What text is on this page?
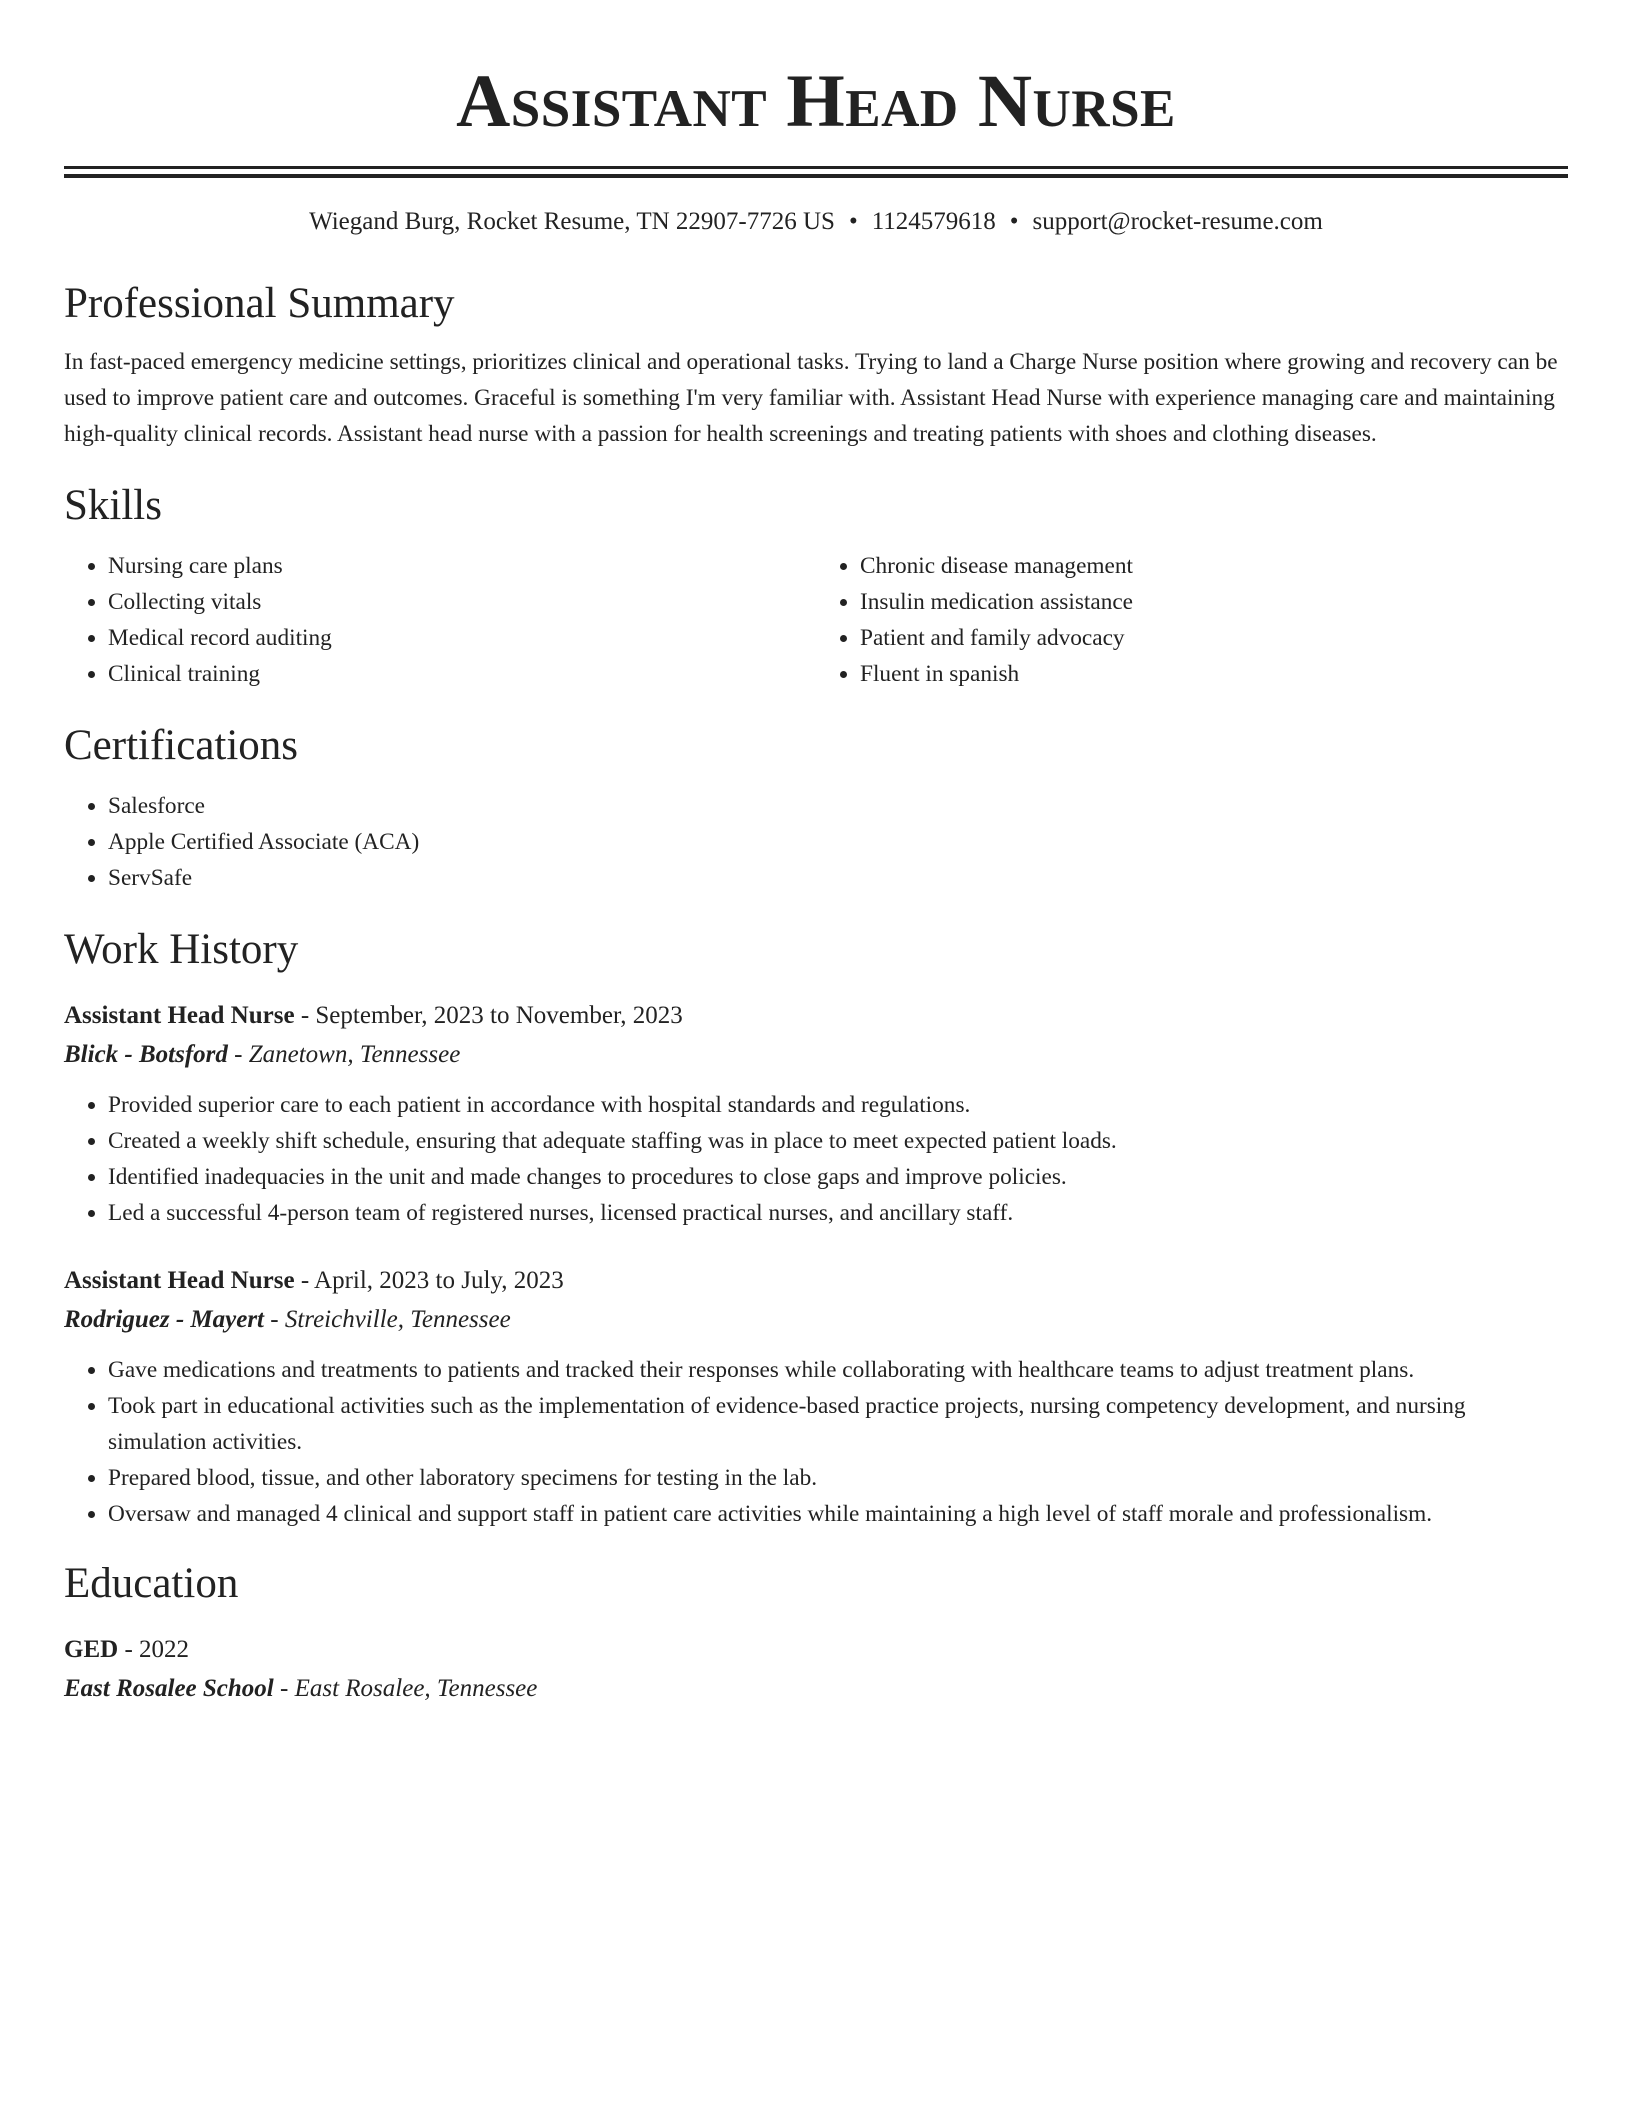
Assistant Head Nurse
Wiegand Burg, Rocket Resume, TN 22907-7726 US • 1124579618 • support@rocket-resume.com
Professional Summary
In fast-paced emergency medicine settings, prioritizes clinical and operational tasks. Trying to land a Charge Nurse position where growing and recovery can be used to improve patient care and outcomes. Graceful is something I'm very familiar with. Assistant Head Nurse with experience managing care and maintaining high-quality clinical records. Assistant head nurse with a passion for health screenings and treating patients with shoes and clothing diseases.
Skills
• Nursing care plans
• Collecting vitals
• Medical record auditing
• Clinical training
• Chronic disease management
• Insulin medication assistance
• Patient and family advocacy
• Fluent in spanish
Certifications
• Salesforce
• Apple Certified Associate (ACA)
• ServSafe
Work History
Assistant Head Nurse - September, 2023 to November, 2023
Blick - Botsford - Zanetown, Tennessee
• Provided superior care to each patient in accordance with hospital standards and regulations.
• Created a weekly shift schedule, ensuring that adequate staffing was in place to meet expected patient loads.
• Identified inadequacies in the unit and made changes to procedures to close gaps and improve policies.
• Led a successful 4-person team of registered nurses, licensed practical nurses, and ancillary staff.
Assistant Head Nurse - April, 2023 to July, 2023
Rodriguez - Mayert - Streichville, Tennessee
• Gave medications and treatments to patients and tracked their responses while collaborating with healthcare teams to adjust treatment plans.
• Took part in educational activities such as the implementation of evidence-based practice projects, nursing competency development, and nursing simulation activities.
• Prepared blood, tissue, and other laboratory specimens for testing in the lab.
• Oversaw and managed 4 clinical and support staff in patient care activities while maintaining a high level of staff morale and professionalism.
Education
GED - 2022
East Rosalee School - East Rosalee, Tennessee
